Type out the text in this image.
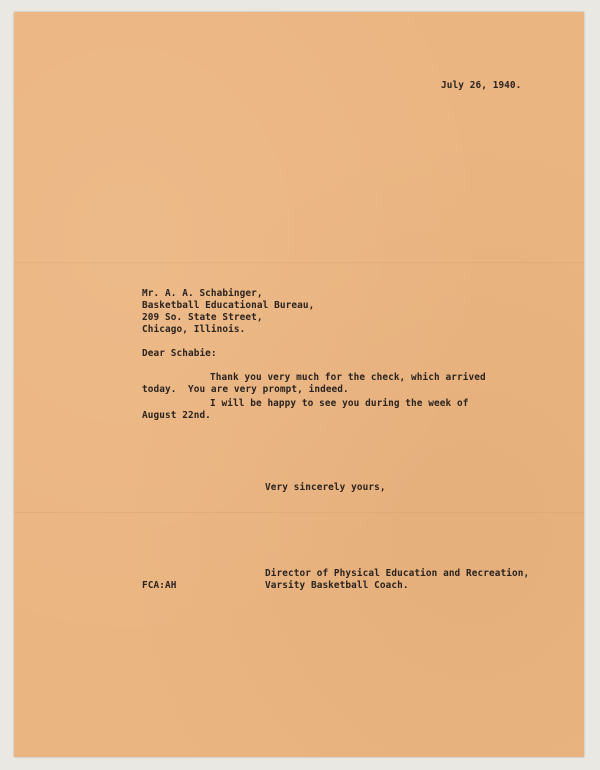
July 26, 1940.

Mr. A. A. Schabinger,

Basketball Educational Bureau,

209 So. State Street,

Chicago, Illinois.

Dear Schabie:

Thank you very much for the check, which arrived

today.  You are very prompt, indeed.

I will be happy to see you during the week of

August 22nd.

Very sincerely yours,

FCA:AH

Director of Physical Education and Recreation,

Varsity Basketball Coach.
